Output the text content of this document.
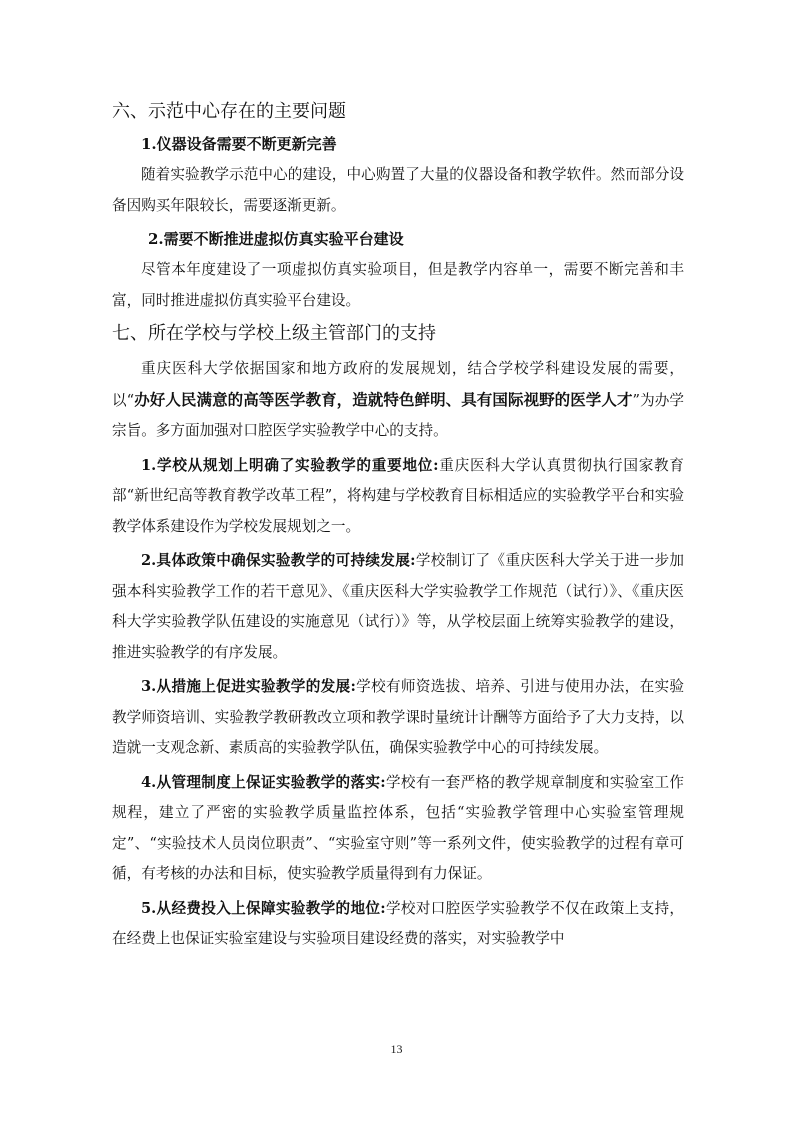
六、示范中心存在的主要问题
1.仪器设备需要不断更新完善
随着实验教学示范中心的建设，中心购置了大量的仪器设备和教学软件。然而部分设备因购买年限较长，需要逐渐更新。
2.需要不断推进虚拟仿真实验平台建设
尽管本年度建设了一项虚拟仿真实验项目，但是教学内容单一，需要不断完善和丰富，同时推进虚拟仿真实验平台建设。
七、所在学校与学校上级主管部门的支持
重庆医科大学依据国家和地方政府的发展规划，结合学校学科建设发展的需要，以“办好人民满意的高等医学教育，造就特色鲜明、具有国际视野的医学人才”为办学宗旨。多方面加强对口腔医学实验教学中心的支持。
1.学校从规划上明确了实验教学的重要地位:重庆医科大学认真贯彻执行国家教育部“新世纪高等教育教学改革工程”，将构建与学校教育目标相适应的实验教学平台和实验教学体系建设作为学校发展规划之一。
2.具体政策中确保实验教学的可持续发展:学校制订了《重庆医科大学关于进一步加强本科实验教学工作的若干意见》、《重庆医科大学实验教学工作规范（试行）》、《重庆医科大学实验教学队伍建设的实施意见（试行）》等，从学校层面上统筹实验教学的建设，推进实验教学的有序发展。
3.从措施上促进实验教学的发展:学校有师资选拔、培养、引进与使用办法，在实验教学师资培训、实验教学教研教改立项和教学课时量统计计酬等方面给予了大力支持，以造就一支观念新、素质高的实验教学队伍，确保实验教学中心的可持续发展。
4.从管理制度上保证实验教学的落实:学校有一套严格的教学规章制度和实验室工作规程，建立了严密的实验教学质量监控体系，包括“实验教学管理中心实验室管理规定”、“实验技术人员岗位职责”、“实验室守则”等一系列文件，使实验教学的过程有章可循，有考核的办法和目标，使实验教学质量得到有力保证。
5.从经费投入上保障实验教学的地位:学校对口腔医学实验教学不仅在政策上支持，在经费上也保证实验室建设与实验项目建设经费的落实，对实验教学中
13
